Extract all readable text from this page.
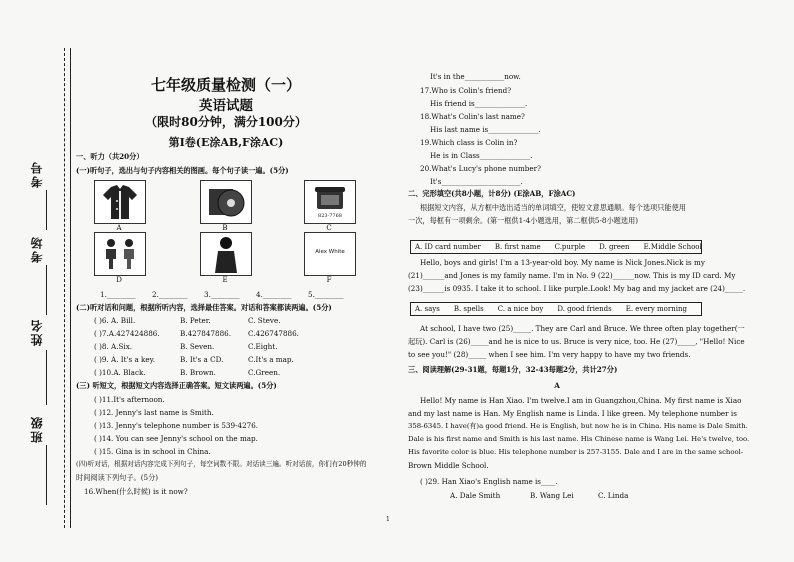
考号
考场
姓名
班级
七年级质量检测（一）
英语试题
（限时80分钟，满分100分）
第Ⅰ卷(E涂AB,F涂AC)
一、听力（共20分）
(一)听句子，选出与句子内容相关的图画。每个句子读一遍。(5分)
A	B
823-7768
C
D	E
Alex White
F
1.________ 2.________ 3.________ 4.________ 5.________
(二)听对话和问题，根据所听内容，选择最佳答案。对话和答案都读两遍。(5分)
( )6. A. Bill.	B. Peter.	C. Steve.
( )7.A.427424886.	B.427847886. C.426747886.
( )8. A.Six.	B. Seven.	C.Eight.
( )9. A. It's a key.	B. It's a CD.	C.It's a map.
( )10.A. Black.	B. Brown.	C.Green.
(三) 听短文，根据短文内容选择正确答案。短文读两遍。(5分)
( )11.It's afternoon.
( )12. Jenny's last name is Smith.
( )13. Jenny's telephone number is 539-4276.
( )14. You can see Jenny's school on the map.
( )15. Gina is in school in China.
(四)听对话，根据对话内容完成下列句子，每空词数不限。对话读三遍。听对话前，你们有20秒钟的
时间阅读下列句子。(5分)
16.When(什么时候) is it now?
It's in the___________now.
17.Who is Colin's friend?
His friend is______________.
18.What's Colin's last name?
His last name is______________.
19.Which class is Colin in?
He is in Class______________.
20.What's Lucy's phone number?
It's______________________.
二、完形填空(共8小题，计8分) (E涂AB，F涂AC)
根据短文内容，从方框中选出适当的单词填空，使短文意思通顺。每个选项只能使用
一次，每框有一项剩余。(第一框供1-4小题选用，第二框供5-8小题选用)
A. ID card number B. first name C.purple D. green E.Middle School
Hello, boys and girls! I'm a 13-year-old boy. My name is Nick Jones.Nick is my
(21)______and Jones is my family name. I'm in No. 9 (22)______now. This is my ID card. My
(23)______is 0935. I take it to school. I like purple.Look! My bag and my jacket are (24)_____.
A. says B. spells C. a nice boy D. good friends E. every morning
At school, I have two (25)_____. They are Carl and Bruce. We three often play together(一
起玩). Carl is (26)_____and he is nice to us. Bruce is very nice, too. He (27)_____, "Hello! Nice
to see you!" (28)_____ when I see him. I'm very happy to have my two friends.
三、阅读理解(29-31题，每题1分，32-43每题2分，共计27分)
A
Hello! My name is Han Xiao. I'm twelve.I am in Guangzhou,China. My first name is Xiao
and my last name is Han. My English name is Linda. I like green. My telephone number is
358-6345. I have(有)a good friend. He is English, but now he is in China. His name is Dale Smith.
Dale is his first name and Smith is his last name. His Chinese name is Wang Lei. He's twelve, too.
His favorite color is blue. His telephone number is 257-3155. Dale and I are in the same school-
Brown Middle School.
( )29. Han Xiao's English name is____.
A. Dale Smith	B. Wang Lei	C. Linda
1
